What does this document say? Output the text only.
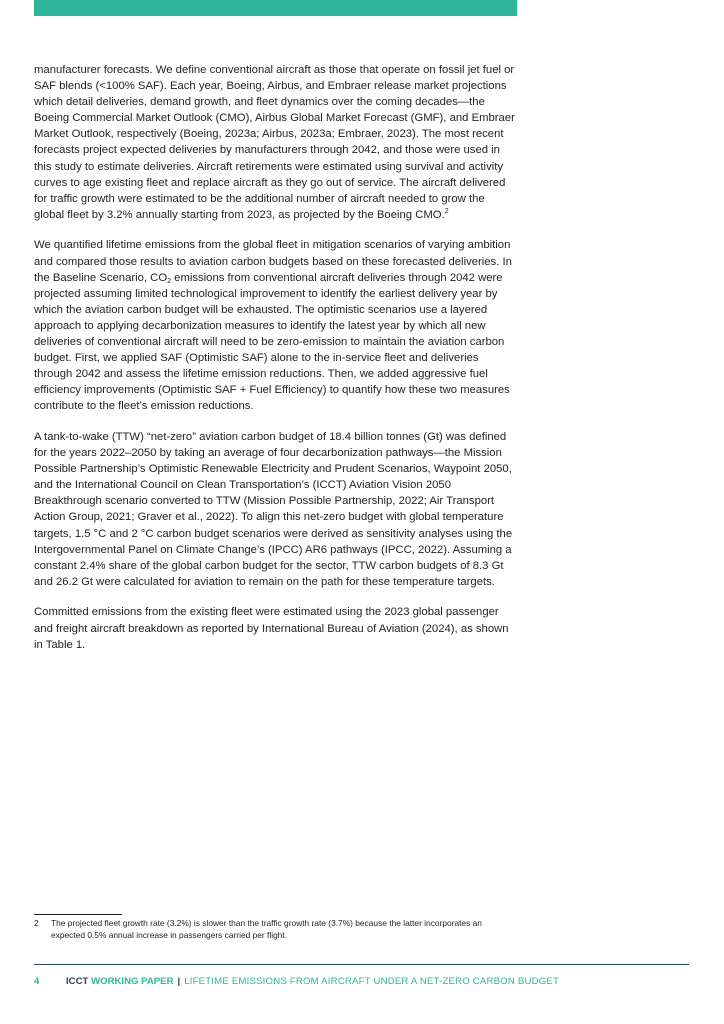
manufacturer forecasts. We define conventional aircraft as those that operate on fossil jet fuel or SAF blends (<100% SAF). Each year, Boeing, Airbus, and Embraer release market projections which detail deliveries, demand growth, and fleet dynamics over the coming decades—the Boeing Commercial Market Outlook (CMO), Airbus Global Market Forecast (GMF), and Embraer Market Outlook, respectively (Boeing, 2023a; Airbus, 2023a; Embraer, 2023). The most recent forecasts project expected deliveries by manufacturers through 2042, and those were used in this study to estimate deliveries. Aircraft retirements were estimated using survival and activity curves to age existing fleet and replace aircraft as they go out of service. The aircraft delivered for traffic growth were estimated to be the additional number of aircraft needed to grow the global fleet by 3.2% annually starting from 2023, as projected by the Boeing CMO.$^2$

We quantified lifetime emissions from the global fleet in mitigation scenarios of varying ambition and compared those results to aviation carbon budgets based on these forecasted deliveries. In the Baseline Scenario, $CO_2$ emissions from conventional aircraft deliveries through 2042 were projected assuming limited technological improvement to identify the earliest delivery year by which the aviation carbon budget will be exhausted. The optimistic scenarios use a layered approach to applying decarbonization measures to identify the latest year by which all new deliveries of conventional aircraft will need to be zero-emission to maintain the aviation carbon budget. First, we applied SAF (Optimistic SAF) alone to the in-service fleet and deliveries through 2042 and assess the lifetime emission reductions. Then, we added aggressive fuel efficiency improvements (Optimistic SAF + Fuel Efficiency) to quantify how these two measures contribute to the fleet’s emission reductions.

A tank-to-wake (TTW) “net-zero” aviation carbon budget of 18.4 billion tonnes (Gt) was defined for the years 2022–2050 by taking an average of four decarbonization pathways—the Mission Possible Partnership’s Optimistic Renewable Electricity and Prudent Scenarios, Waypoint 2050, and the International Council on Clean Transportation’s (ICCT) Aviation Vision 2050 Breakthrough scenario converted to TTW (Mission Possible Partnership, 2022; Air Transport Action Group, 2021; Graver et al., 2022). To align this net-zero budget with global temperature targets, 1.5 °C and 2 °C carbon budget scenarios were derived as sensitivity analyses using the Intergovernmental Panel on Climate Change’s (IPCC) AR6 pathways (IPCC, 2022). Assuming a constant 2.4% share of the global carbon budget for the sector, TTW carbon budgets of 8.3 Gt and 26.2 Gt were calculated for aviation to remain on the path for these temperature targets.

Committed emissions from the existing fleet were estimated using the 2023 global passenger and freight aircraft breakdown as reported by International Bureau of Aviation (2024), as shown in Table 1.

2	The projected fleet growth rate (3.2%) is slower than the traffic growth rate (3.7%) because the latter incorporates an expected 0.5% annual increase in passengers carried per flight.
4	ICCT WORKING PAPER | LIFETIME EMISSIONS FROM AIRCRAFT UNDER A NET-ZERO CARBON BUDGET
